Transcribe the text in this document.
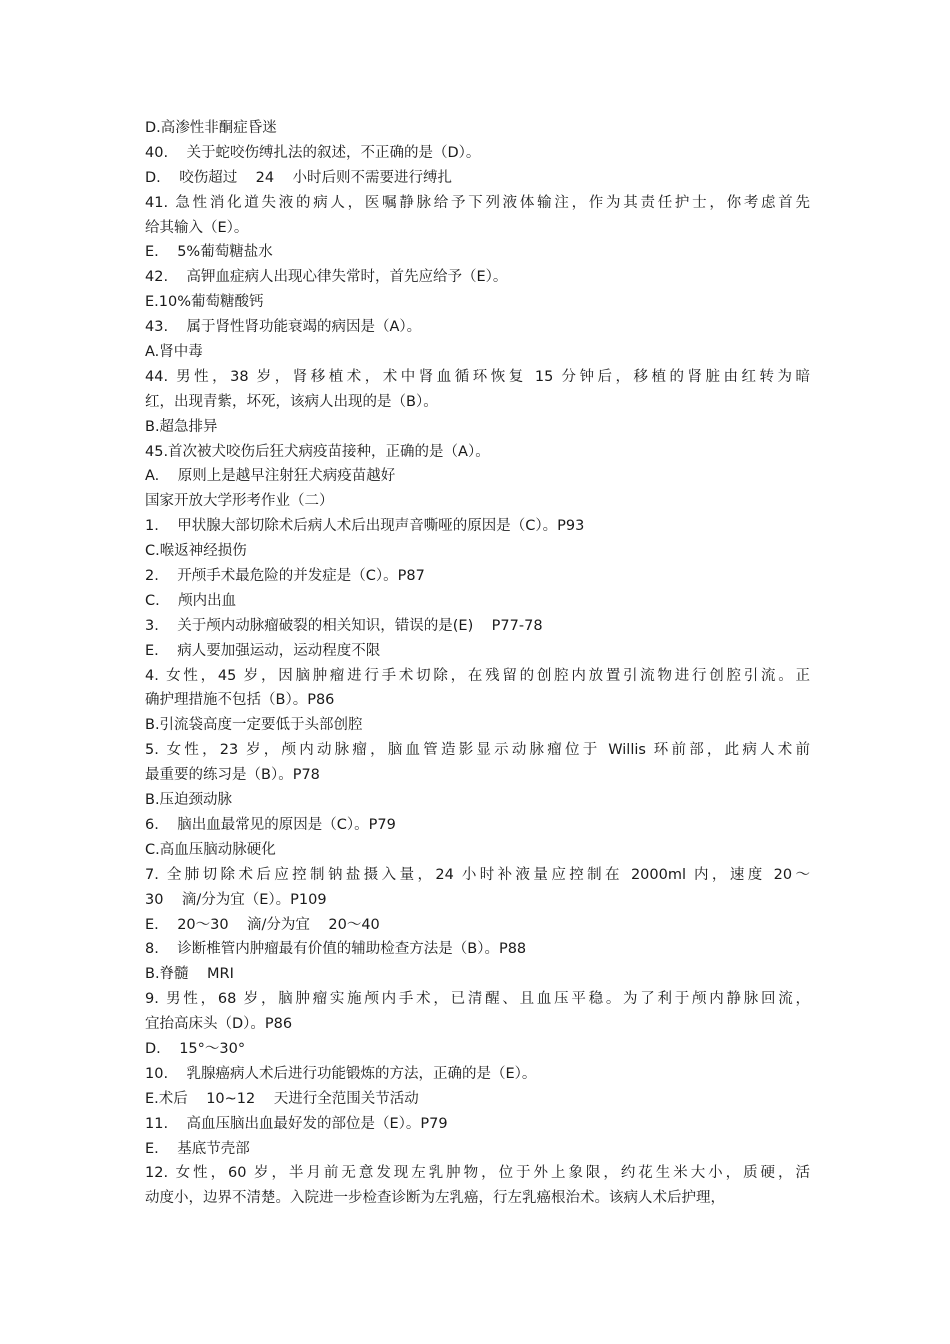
D.高渗性非酮症昏迷
40.    关于蛇咬伤缚扎法的叙述，不正确的是（D）。
D.    咬伤超过    24    小时后则不需要进行缚扎
41. 急性消化道失液的病人，医嘱静脉给予下列液体输注，作为其责任护士，你考虑首先
给其输入（E）。
E.    5%葡萄糖盐水
42.    高钾血症病人出现心律失常时，首先应给予（E）。
E.10%葡萄糖酸钙
43.    属于肾性肾功能衰竭的病因是（A）。
A.肾中毒
44. 男性，38 岁，肾移植术，术中肾血循环恢复 15 分钟后，移植的肾脏由红转为暗
红，出现青紫，坏死，该病人出现的是（B）。
B.超急排异
45.首次被犬咬伤后狂犬病疫苗接种，正确的是（A）。
A.    原则上是越早注射狂犬病疫苗越好
国家开放大学形考作业（二）
1.    甲状腺大部切除术后病人术后出现声音嘶哑的原因是（C）。P93
C.喉返神经损伤
2.    开颅手术最危险的并发症是（C）。P87
C.    颅内出血
3.    关于颅内动脉瘤破裂的相关知识，错误的是(E)    P77-78
E.    病人要加强运动，运动程度不限
4. 女性，45 岁，因脑肿瘤进行手术切除，在残留的创腔内放置引流物进行创腔引流。正
确护理措施不包括（B）。P86
B.引流袋高度一定要低于头部创腔
5. 女性，23 岁，颅内动脉瘤，脑血管造影显示动脉瘤位于 Willis 环前部，此病人术前
最重要的练习是（B）。P78
B.压迫颈动脉
6.    脑出血最常见的原因是（C）。P79
C.高血压脑动脉硬化
7. 全肺切除术后应控制钠盐摄入量，24 小时补液量应控制在 2000ml 内，速度 20～
30    滴/分为宜（E）。P109
E.    20～30    滴/分为宜    20～40
8.    诊断椎管内肿瘤最有价值的辅助检查方法是（B）。P88
B.脊髓    MRI
9. 男性，68 岁，脑肿瘤实施颅内手术，已清醒、且血压平稳。为了利于颅内静脉回流，
宜抬高床头（D）。P86
D.    15°～30°
10.    乳腺癌病人术后进行功能锻炼的方法，正确的是（E）。
E.术后    10~12    天进行全范围关节活动
11.    高血压脑出血最好发的部位是（E）。P79
E.    基底节壳部
12. 女性，60 岁，半月前无意发现左乳肿物，位于外上象限，约花生米大小，质硬，活
动度小，边界不清楚。入院进一步检查诊断为左乳癌，行左乳癌根治术。该病人术后护理，
